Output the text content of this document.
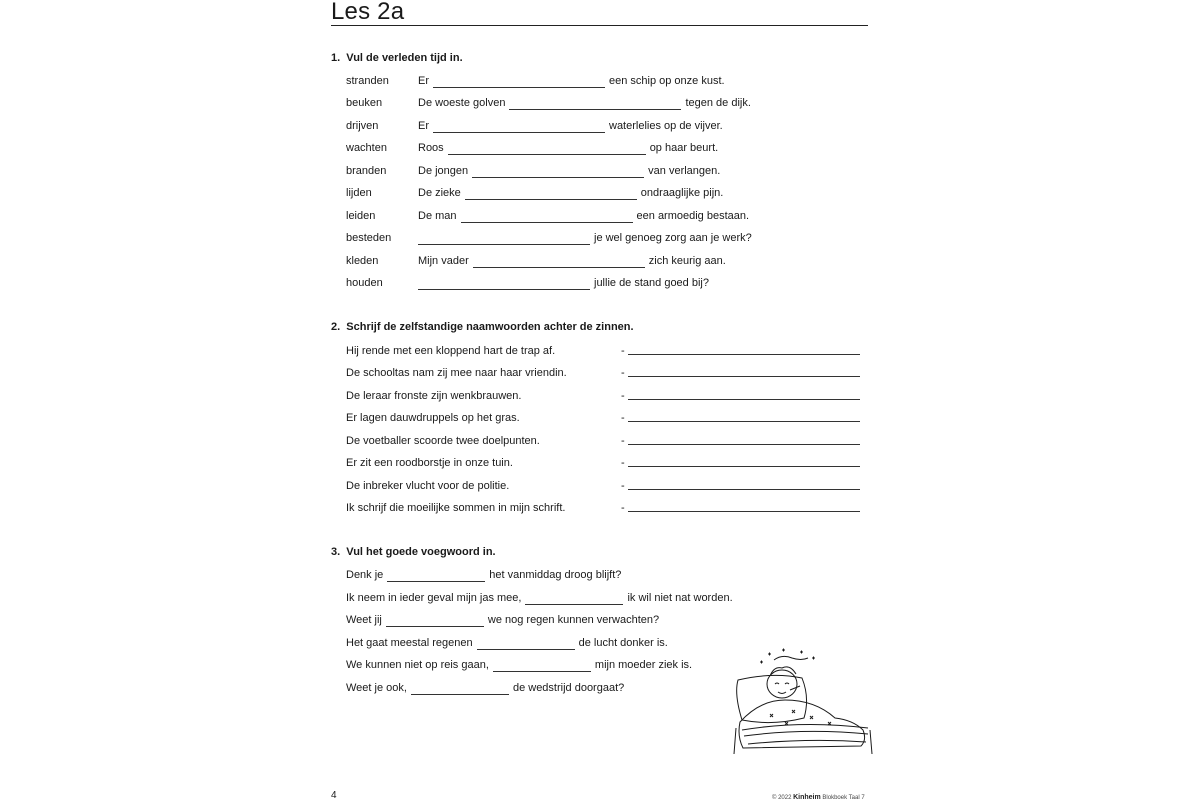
Les 2a
1.  Vul de verleden tijd in.
stranden	Er	een schip op onze kust.
beuken	De woeste golven	tegen de dijk.
drijven	Er	waterlelies op de vijver.
wachten	Roos	op haar beurt.
branden	De jongen	van verlangen.
lijden	De zieke	ondraaglijke pijn.
leiden	De man	een armoedig bestaan.
besteden	je wel genoeg zorg aan je werk?
kleden	Mijn vader	zich keurig aan.
houden	jullie de stand goed bij?
2.  Schrijf de zelfstandige naamwoorden achter de zinnen.
Hij rende met een kloppend hart de trap af.	-
De schooltas nam zij mee naar haar vriendin.	-
De leraar fronste zijn wenkbrauwen.	-
Er lagen dauwdruppels op het gras.	-
De voetballer scoorde twee doelpunten.	-
Er zit een roodborstje in onze tuin.	-
De inbreker vlucht voor de politie.	-
Ik schrijf die moeilijke sommen in mijn schrift.	-
3.  Vul het goede voegwoord in.
Denk je	het vanmiddag droog blijft?
Ik neem in ieder geval mijn jas mee,	ik wil niet nat worden.
Weet jij	we nog regen kunnen verwachten?
Het gaat meestal regenen	de lucht donker is.
We kunnen niet op reis gaan,	mijn moeder ziek is.
Weet je ook,	de wedstrijd doorgaat?
4	© 2022 Kinheim Blokboek Taal 7
